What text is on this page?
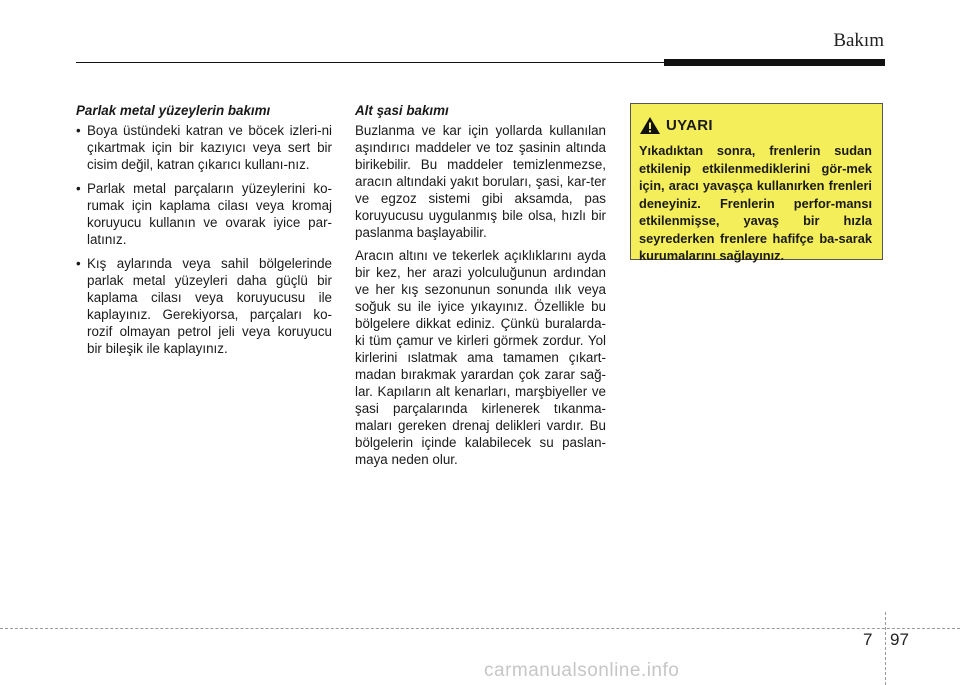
Bakım
Parlak metal yüzeylerin bakımı
• Boya üstündeki katran ve böcek izleri-ni çıkartmak için bir kazıyıcı veya sert bir cisim değil, katran çıkarıcı kullanı-nız.
• Parlak metal parçaların yüzeylerini ko-rumak için kaplama cilası veya kromaj koruyucu kullanın ve ovarak iyice par-latınız.
• Kış aylarında veya sahil bölgelerinde parlak metal yüzeyleri daha güçlü bir kaplama cilası veya koruyucusu ile kaplayınız. Gerekiyorsa, parçaları ko-rozif olmayan petrol jeli veya koruyucu bir bileşik ile kaplayınız.
Alt şasi bakımı

Buzlanma ve kar için yollarda kullanılan aşındırıcı maddeler ve toz şasinin altında birikebilir. Bu maddeler temizlenmezse, aracın altındaki yakıt boruları, şasi, kar-ter ve egzoz sistemi gibi aksamda, pas koruyucusu uygulanmış bile olsa, hızlı bir paslanma başlayabilir.

Aracın altını ve tekerlek açıklıklarını ayda bir kez, her arazi yolculuğunun ardından ve her kış sezonunun sonunda ılık veya soğuk su ile iyice yıkayınız. Özellikle bu bölgelere dikkat ediniz. Çünkü buralarda-ki tüm çamur ve kirleri görmek zordur. Yol kirlerini ıslatmak ama tamamen çıkart-madan bırakmak yarardan çok zarar sağ-lar. Kapıların alt kenarları, marşbiyeller ve şasi parçalarında kirlenerek tıkanma-maları gereken drenaj delikleri vardır. Bu bölgelerin içinde kalabilecek su paslan-maya neden olur.

UYARI
Yıkadıktan sonra, frenlerin sudan etkilenip etkilenmediklerini gör-mek için, aracı yavaşça kullanırken frenleri deneyiniz. Frenlerin perfor-mansı etkilenmişse, yavaş bir hızla seyrederken frenlere hafifçe ba-sarak kurumalarını sağlayınız.
7 97
carmanualsonline.info
